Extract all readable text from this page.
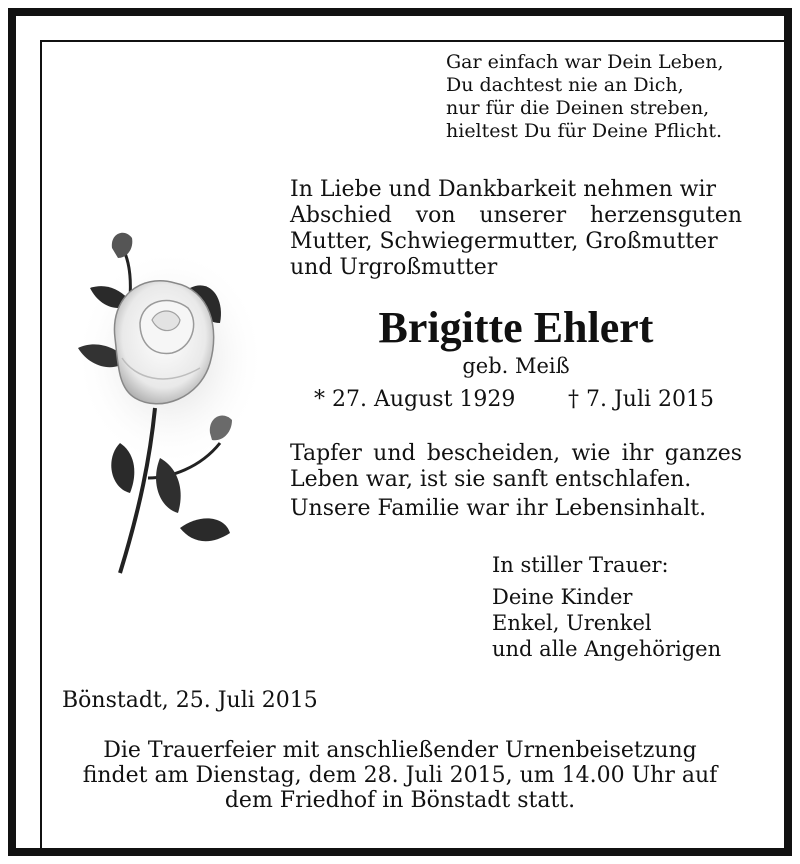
Gar einfach war Dein Leben,
Du dachtest nie an Dich,
nur für die Deinen streben,
hieltest Du für Deine Pflicht.
In Liebe und Dankbarkeit nehmen wir
Abschied von unserer herzensguten
Mutter, Schwiegermutter, Großmutter
und Urgroßmutter
Brigitte Ehlert
geb. Meiß
* 27. August 1929 † 7. Juli 2015
Tapfer und bescheiden, wie ihr ganzes
Leben war, ist sie sanft entschlafen.
Unsere Familie war ihr Lebensinhalt.
In stiller Trauer:
Deine Kinder
Enkel, Urenkel
und alle Angehörigen
Bönstadt, 25. Juli 2015
Die Trauerfeier mit anschließender Urnenbeisetzung
findet am Dienstag, dem 28. Juli 2015, um 14.00 Uhr auf
dem Friedhof in Bönstadt statt.
